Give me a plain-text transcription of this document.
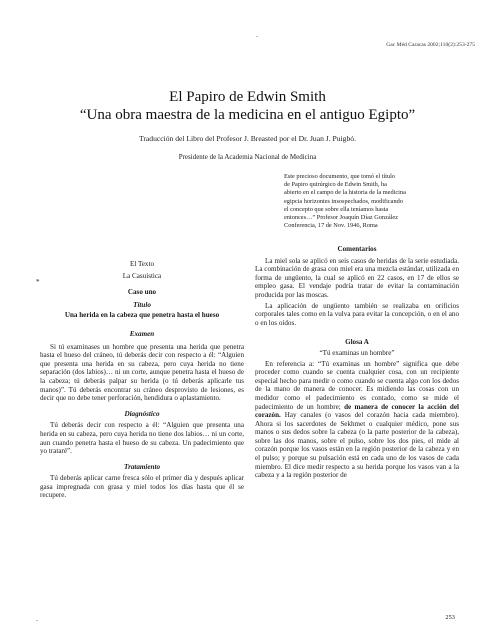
-
Gac Méd Caracas 2002;110(2):253-275
El Papiro de Edwin Smith
“Una obra maestra de la medicina en el antiguo Egipto”
Traducción del Libro del Profesor J. Breasted por el Dr. Juan J. Puigbó.
Presidente de la Academia Nacional de Medicina
Este precioso documento, que tomó el título
de Papiro quirúrgico de Edwin Smith, ha
abierto en el campo de la historia de la medicina
egipcia horizontes insospechados, modificando
el concepto que sobre ella teníamos hasta
entonces…” Profesor Joaquín Díaz González
Conferencia, 17 de Nov. 1946, Roma

El Texto

La Casuística

*

Caso uno

Título

Una herida en la cabeza que penetra hasta el hueso

Examen

Si tú examinases un hombre que presenta una herida que penetra hasta el hueso del cráneo, tú deberás decir con respecto a él: “Alguien que presenta una herida en su cabeza, pero cuya herida no tiene separación (dos labios)… ni un corte, aunque penetra hasta el hueso de la cabeza; tú deberás palpar su herida (o tú deberás aplicarle tus manos)”. Tú deberás encontrar su cráneo desprovisto de lesiones, es decir que no debe tener perforación, hendidura o aplastamiento.

Diagnóstico

Tú deberás decir con respecto a él: “Alguien que presenta una herida en su cabeza, pero cuya herida no tiene dos labios… ni un corte, aun cuando penetra hasta el hueso de su cabeza. Un padecimiento que yo trataré”.

Tratamiento

Tú deberás aplicar carne fresca sólo el primer día y después aplicar gasa impregnada con grasa y miel todos los días hasta que él se recupere.

Comentarios

La miel sola se aplicó en seis casos de heridas de la serie estudiada. La combinación de grasa con miel era una mezcla estándar, utilizada en forma de ungüento, la cual se aplicó en 22 casos, en 17 de ellos se empleo gasa. El vendaje podría tratar de evitar la contaminación producida por las moscas.

La aplicación de ungüento también se realizaba en orificios corporales tales como en la vulva para evitar la concepción, o en el ano o en los oídos.

Glosa A

“Tú examinas un hombre”

En referencia a: “Tú examinas un hombre” significa que debe proceder como cuando se cuenta cualquier cosa, con un recipiente especial hecho para medir o como cuando se cuenta algo con los dedos de la mano de manera de conocer. Es midiendo las cosas con un medidor como el padecimiento es contado, como se mide el padecimiento de un hombre; de manera de conocer la acción del corazón. Hay canales (o vasos del corazón hacia cada miembro). Ahora si los sacerdotes de Sekhmet o cualquier médico, pone sus manos o sus dedos sobre la cabeza (o la parte posterior de la cabeza), sobre las dos manos, sobre el pulso, sobre los dos pies, el mide al corazón porque los vasos están en la región posterior de la cabeza y en el pulso; y porque su pulsación está en cada uno de los vasos de cada miembro. El dice medir respecto a su herida porque los vasos van a la cabeza y a la región posterior de

-	253
